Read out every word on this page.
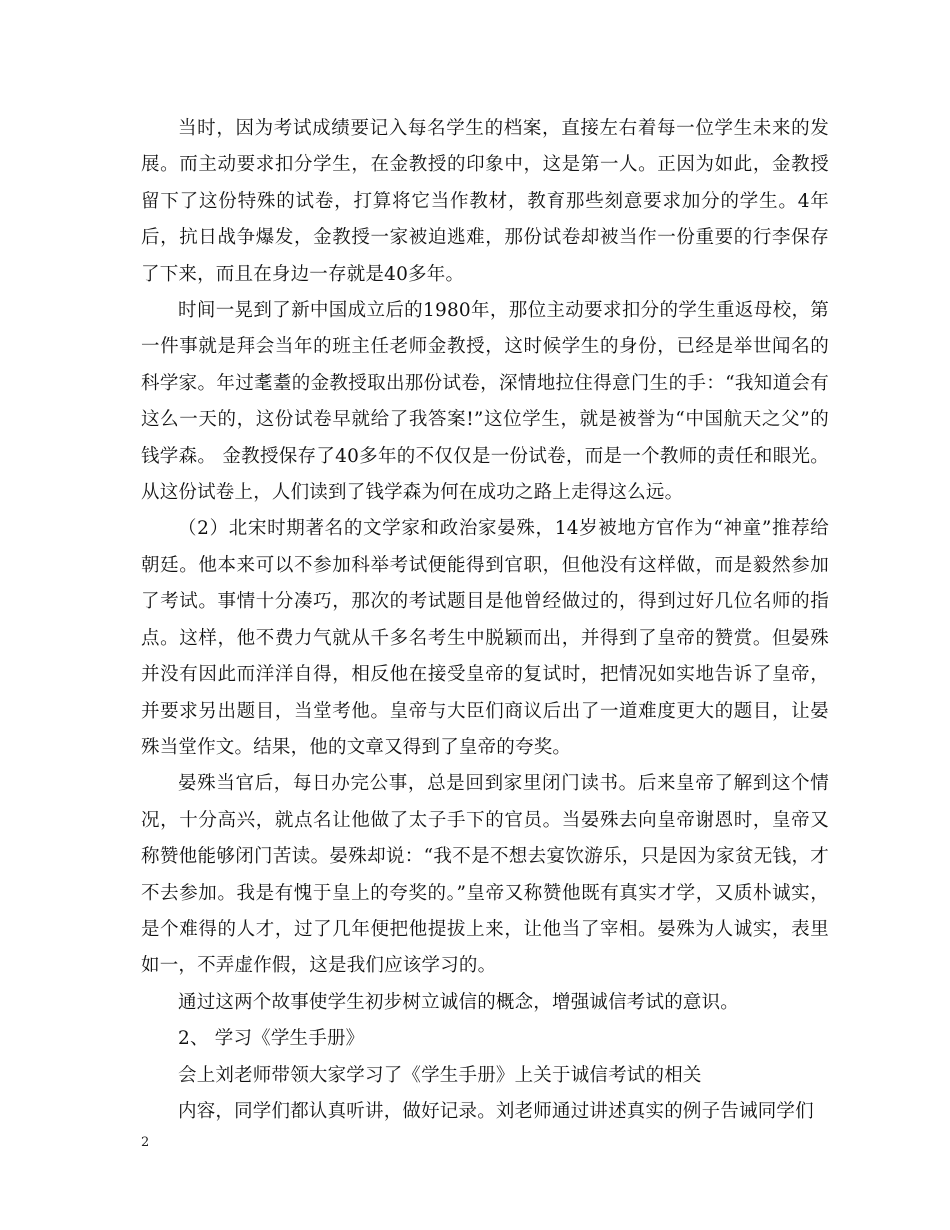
当时，因为考试成绩要记入每名学生的档案，直接左右着每一位学生未来的发展。而主动要求扣分学生，在金教授的印象中，这是第一人。正因为如此，金教授留下了这份特殊的试卷，打算将它当作教材，教育那些刻意要求加分的学生。4年后，抗日战争爆发，金教授一家被迫逃难，那份试卷却被当作一份重要的行李保存了下来，而且在身边一存就是40多年。

时间一晃到了新中国成立后的1980年，那位主动要求扣分的学生重返母校，第一件事就是拜会当年的班主任老师金教授，这时候学生的身份，已经是举世闻名的科学家。年过耄耋的金教授取出那份试卷，深情地拉住得意门生的手：“我知道会有这么一天的，这份试卷早就给了我答案!”这位学生，就是被誉为“中国航天之父”的钱学森。 金教授保存了40多年的不仅仅是一份试卷，而是一个教师的责任和眼光。从这份试卷上，人们读到了钱学森为何在成功之路上走得这么远。

（2）北宋时期著名的文学家和政治家晏殊，14岁被地方官作为“神童”推荐给朝廷。他本来可以不参加科举考试便能得到官职，但他没有这样做，而是毅然参加了考试。事情十分凑巧，那次的考试题目是他曾经做过的，得到过好几位名师的指点。这样，他不费力气就从千多名考生中脱颖而出，并得到了皇帝的赞赏。但晏殊并没有因此而洋洋自得，相反他在接受皇帝的复试时，把情况如实地告诉了皇帝，并要求另出题目，当堂考他。皇帝与大臣们商议后出了一道难度更大的题目，让晏殊当堂作文。结果，他的文章又得到了皇帝的夸奖。

晏殊当官后，每日办完公事，总是回到家里闭门读书。后来皇帝了解到这个情况，十分高兴，就点名让他做了太子手下的官员。当晏殊去向皇帝谢恩时，皇帝又称赞他能够闭门苦读。晏殊却说：“我不是不想去宴饮游乐，只是因为家贫无钱，才不去参加。我是有愧于皇上的夸奖的。”皇帝又称赞他既有真实才学，又质朴诚实，是个难得的人才，过了几年便把他提拔上来，让他当了宰相。晏殊为人诚实，表里如一，不弄虚作假，这是我们应该学习的。

通过这两个故事使学生初步树立诚信的概念，增强诚信考试的意识。

2、 学习《学生手册》

会上刘老师带领大家学习了《学生手册》上关于诚信考试的相关

内容，同学们都认真听讲，做好记录。刘老师通过讲述真实的例子告诫同学们

2
